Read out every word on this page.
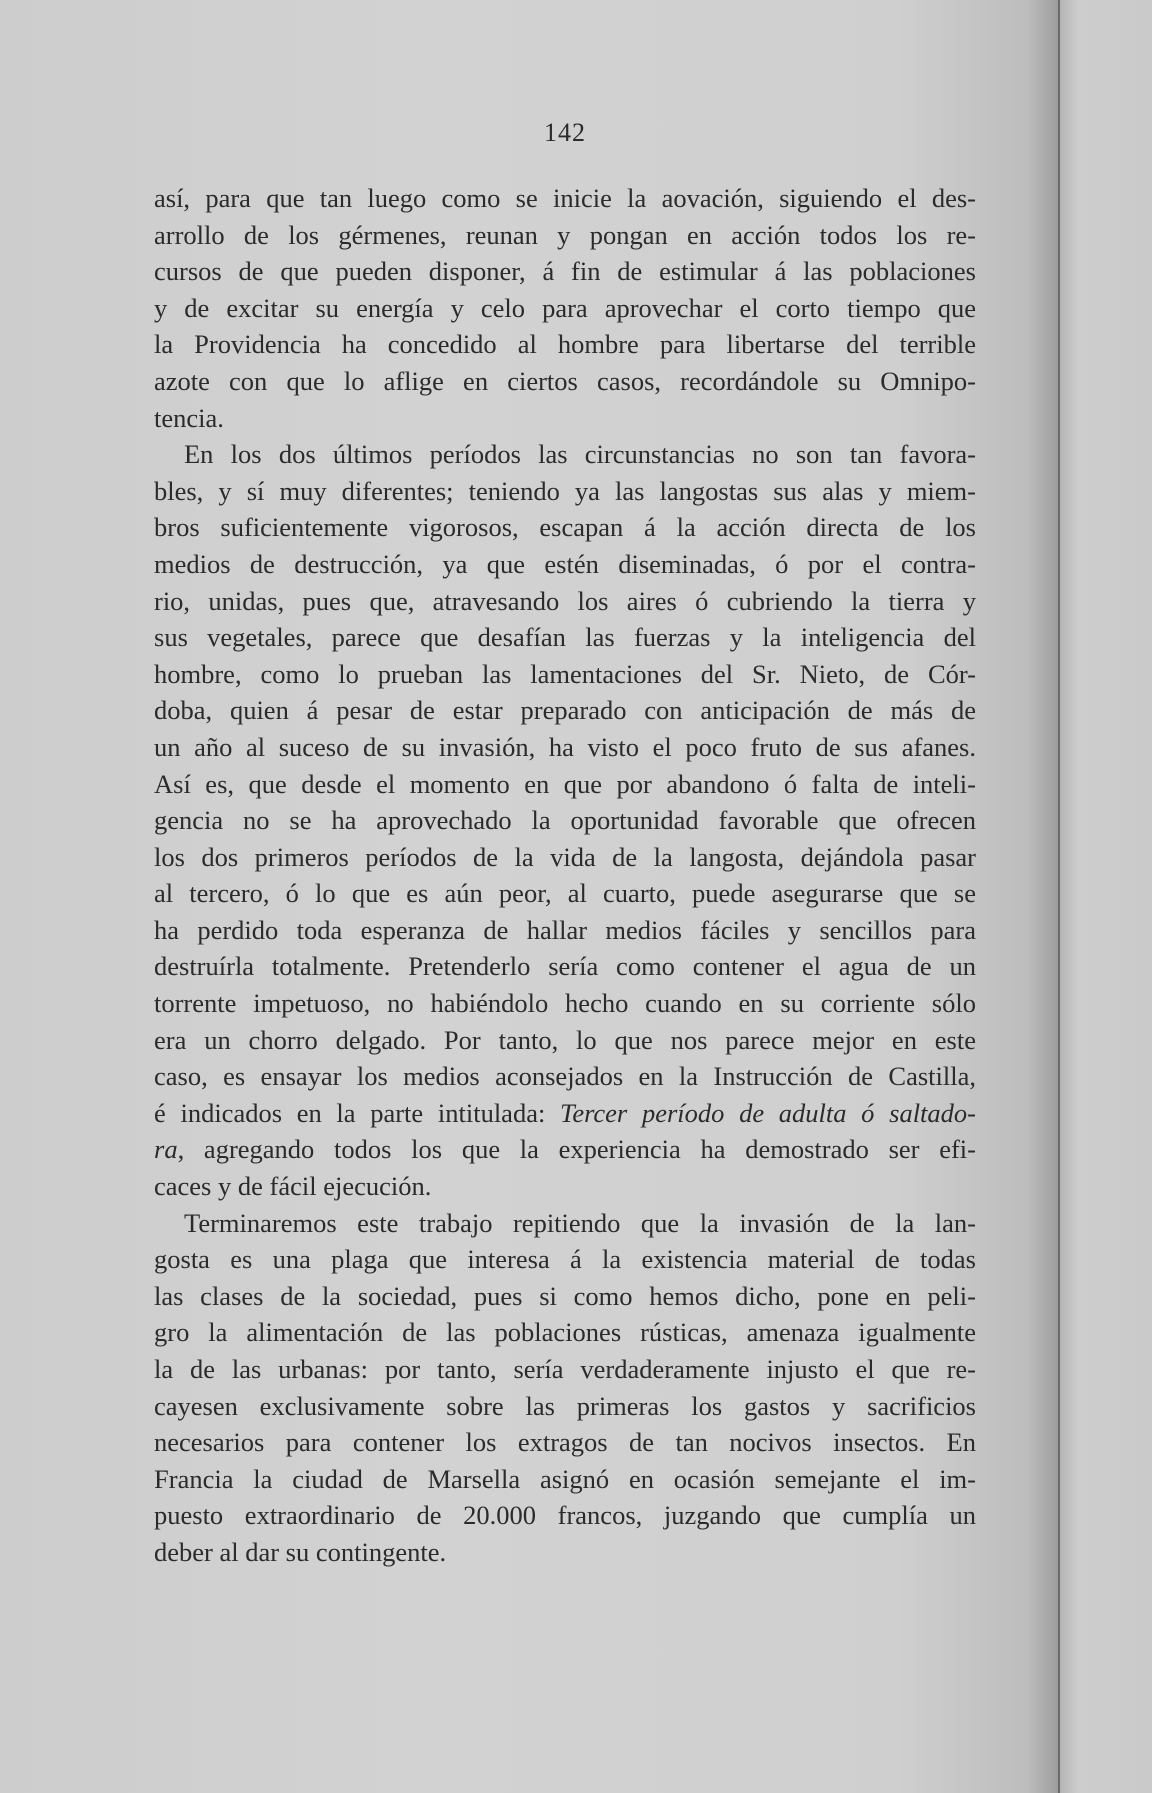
142
así, para que tan luego como se inicie la aovación, siguiendo el des-
arrollo de los gérmenes, reunan y pongan en acción todos los re-
cursos de que pueden disponer, á fin de estimular á las poblaciones
y de excitar su energía y celo para aprovechar el corto tiempo que
la Providencia ha concedido al hombre para libertarse del terrible
azote con que lo aflige en ciertos casos, recordándole su Omnipo-
tencia.
En los dos últimos períodos las circunstancias no son tan favora-
bles, y sí muy diferentes; teniendo ya las langostas sus alas y miem-
bros suficientemente vigorosos, escapan á la acción directa de los
medios de destrucción, ya que estén diseminadas, ó por el contra-
rio, unidas, pues que, atravesando los aires ó cubriendo la tierra y
sus vegetales, parece que desafían las fuerzas y la inteligencia del
hombre, como lo prueban las lamentaciones del Sr. Nieto, de Cór-
doba, quien á pesar de estar preparado con anticipación de más de
un año al suceso de su invasión, ha visto el poco fruto de sus afanes.
Así es, que desde el momento en que por abandono ó falta de inteli-
gencia no se ha aprovechado la oportunidad favorable que ofrecen
los dos primeros períodos de la vida de la langosta, dejándola pasar
al tercero, ó lo que es aún peor, al cuarto, puede asegurarse que se
ha perdido toda esperanza de hallar medios fáciles y sencillos para
destruírla totalmente. Pretenderlo sería como contener el agua de un
torrente impetuoso, no habiéndolo hecho cuando en su corriente sólo
era un chorro delgado. Por tanto, lo que nos parece mejor en este
caso, es ensayar los medios aconsejados en la Instrucción de Castilla,
é indicados en la parte intitulada: Tercer período de adulta ó saltado-
ra, agregando todos los que la experiencia ha demostrado ser efi-
caces y de fácil ejecución.
Terminaremos este trabajo repitiendo que la invasión de la lan-
gosta es una plaga que interesa á la existencia material de todas
las clases de la sociedad, pues si como hemos dicho, pone en peli-
gro la alimentación de las poblaciones rústicas, amenaza igualmente
la de las urbanas: por tanto, sería verdaderamente injusto el que re-
cayesen exclusivamente sobre las primeras los gastos y sacrificios
necesarios para contener los extragos de tan nocivos insectos. En
Francia la ciudad de Marsella asignó en ocasión semejante el im-
puesto extraordinario de 20.000 francos, juzgando que cumplía un
deber al dar su contingente.
